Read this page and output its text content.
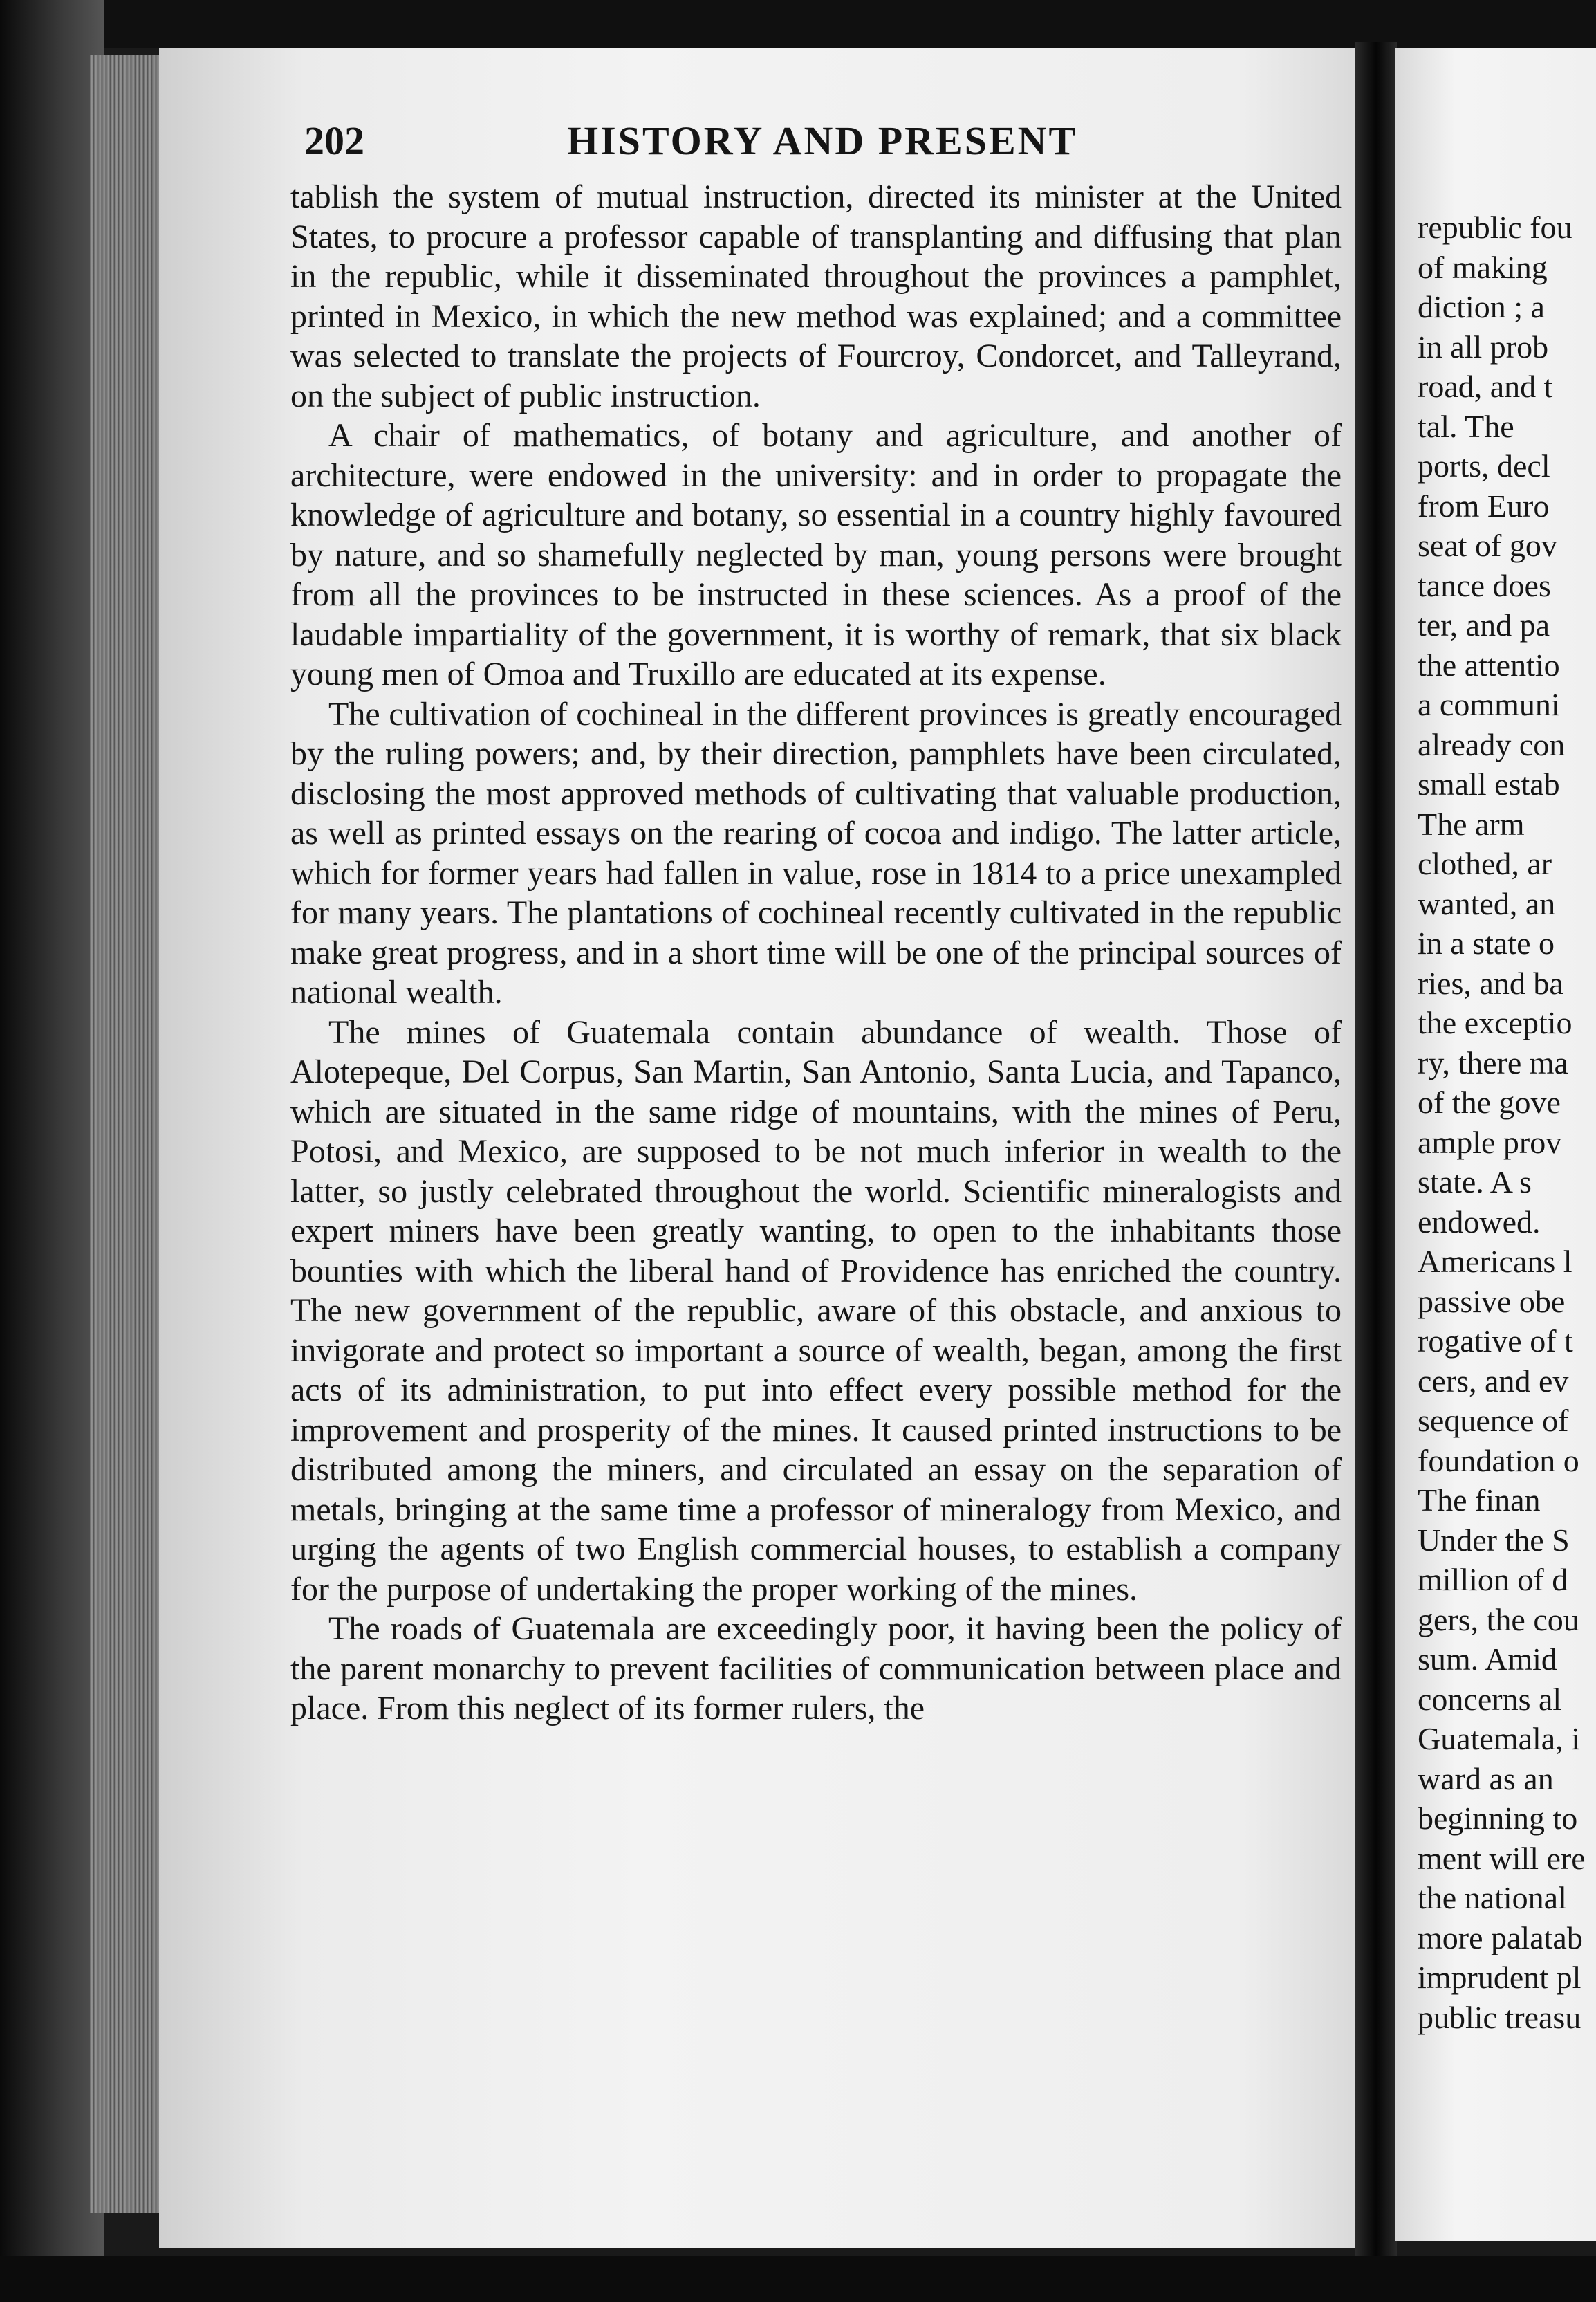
202	HISTORY AND PRESENT

tablish the system of mutual instruction, directed its minister at the United States, to procure a professor capable of transplanting and diffusing that plan in the republic, while it disseminated throughout the provinces a pamphlet, printed in Mexico, in which the new method was explained; and a committee was selected to translate the projects of Fourcroy, Condorcet, and Talleyrand, on the subject of public instruction.

A chair of mathematics, of botany and agriculture, and another of architecture, were endowed in the university: and in order to propagate the knowledge of agriculture and botany, so essential in a country highly favoured by nature, and so shamefully neglected by man, young persons were brought from all the provinces to be instructed in these sciences. As a proof of the laudable impartiality of the government, it is worthy of remark, that six black young men of Omoa and Truxillo are educated at its expense.

The cultivation of cochineal in the different provinces is greatly encouraged by the ruling powers; and, by their direction, pamphlets have been circulated, disclosing the most approved methods of cultivating that valuable production, as well as printed essays on the rearing of cocoa and indigo. The latter article, which for former years had fallen in value, rose in 1814 to a price unexampled for many years. The plantations of cochineal recently cultivated in the republic make great progress, and in a short time will be one of the principal sources of national wealth.

The mines of Guatemala contain abundance of wealth. Those of Alotepeque, Del Corpus, San Martin, San Antonio, Santa Lucia, and Tapanco, which are situated in the same ridge of mountains, with the mines of Peru, Potosi, and Mexico, are supposed to be not much inferior in wealth to the latter, so justly celebrated throughout the world. Scientific mineralogists and expert miners have been greatly wanting, to open to the inhabitants those bounties with which the liberal hand of Providence has enriched the country. The new government of the republic, aware of this obstacle, and anxious to invigorate and protect so important a source of wealth, began, among the first acts of its administration, to put into effect every possible method for the improvement and prosperity of the mines. It caused printed instructions to be distributed among the miners, and circulated an essay on the separation of metals, bringing at the same time a professor of mineralogy from Mexico, and urging the agents of two English commercial houses, to establish a company for the purpose of undertaking the proper working of the mines.

The roads of Guatemala are exceedingly poor, it having been the policy of the parent monarchy to prevent facilities of communication between place and place. From this neglect of its former rulers, the

republic fou
of making
diction ; a
in all prob
road, and t
tal. The
ports, decl
from Euro
seat of gov
tance does
ter, and pa
the attentio
a communi
already con
small estab
The arm
clothed, ar
wanted, an
in a state o
ries, and ba
the exceptio
ry, there ma
of the gove
ample prov
state. A s
endowed.
Americans l
passive obe
rogative of t
cers, and ev
sequence of
foundation o
The finan
Under the S
million of d
gers, the cou
sum. Amid
concerns al
Guatemala, i
ward as an
beginning to
ment will ere
the national
more palatab
imprudent pl
public treasu
